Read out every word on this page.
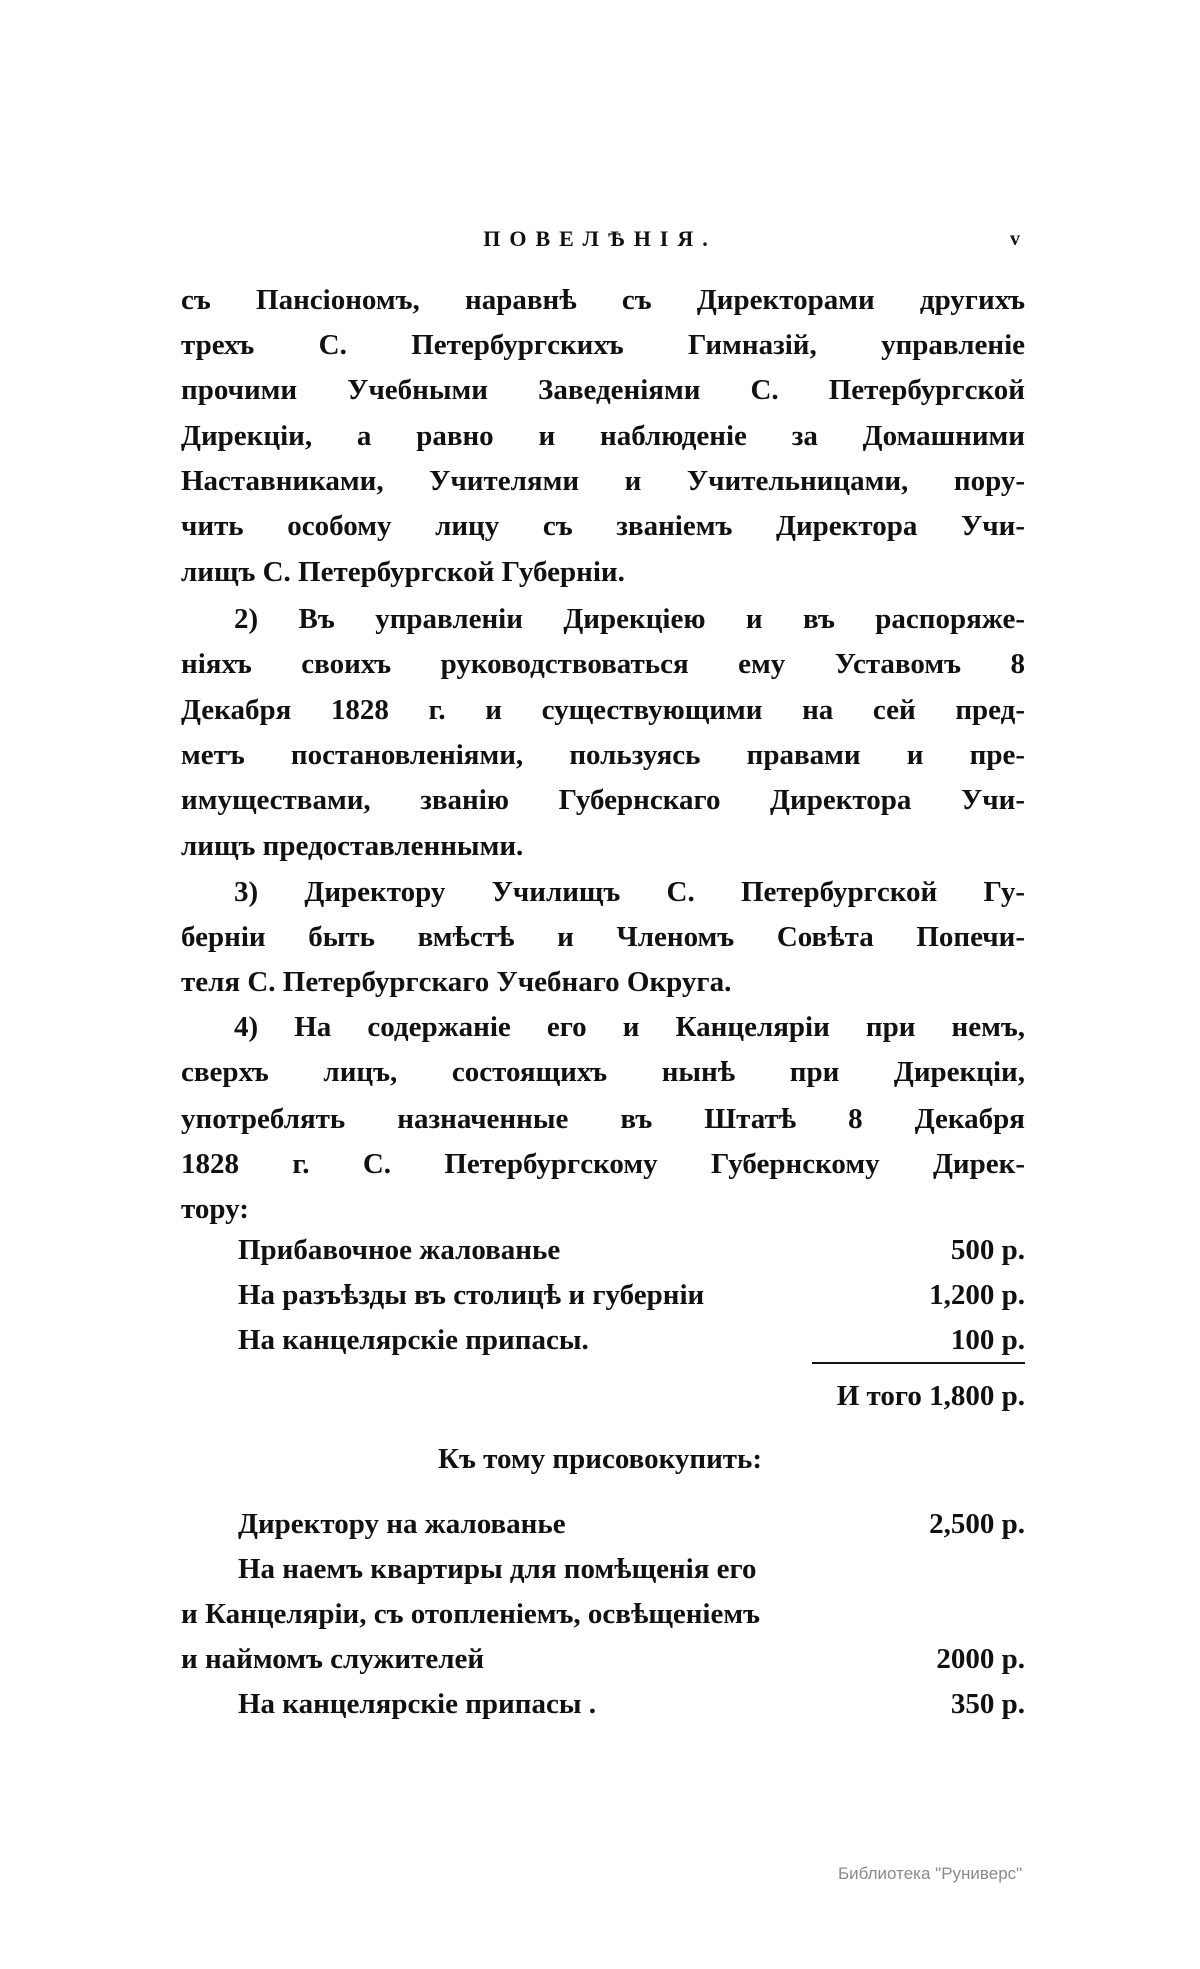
ПОВЕЛѢНІЯ.	v
съ Пансіономъ, наравнѣ съ Директорами другихъ
трехъ С. Петербургскихъ Гимназій, управленіе
прочими Учебными Заведеніями С. Петербургской
Дирекціи, а равно и наблюденіе за Домашними
Наставниками, Учителями и Учительницами, пору-
чить особому лицу съ званіемъ Директора Учи-
лищъ С. Петербургской Губерніи.
2) Въ управленіи Дирекціею и въ распоряже-
ніяхъ своихъ руководствоваться ему Уставомъ 8
Декабря 1828 г. и существующими на сей пред-
метъ постановленіями, пользуясь правами и пре-
имуществами, званію Губернскаго Директора Учи-
лищъ предоставленными.
3) Директору Училищъ С. Петербургской Гу-
берніи быть вмѣстѣ и Членомъ Совѣта Попечи-
теля С. Петербургскаго Учебнаго Округа.
4) На содержаніе его и Канцеляріи при немъ,
сверхъ лицъ, состоящихъ нынѣ при Дирекціи,
употреблять назначенные въ Штатѣ 8 Декабря
1828 г. С. Петербургскому Губернскому Дирек-
тору:
Прибавочное жалованье	500 р.
На разъѣзды въ столицѣ и губерніи	1,200 р.
На канцелярскіе припасы.	100 р.
И того 1,800 р.
Къ тому присовокупить:
Директору на жалованье	2,500 р.
На наемъ квартиры для помѣщенія его
и Канцеляріи, съ отопленіемъ, освѣщеніемъ
и наймомъ служителей	2000 р.
На канцелярскіе припасы .	350 р.
Библиотека "Руниверс"
